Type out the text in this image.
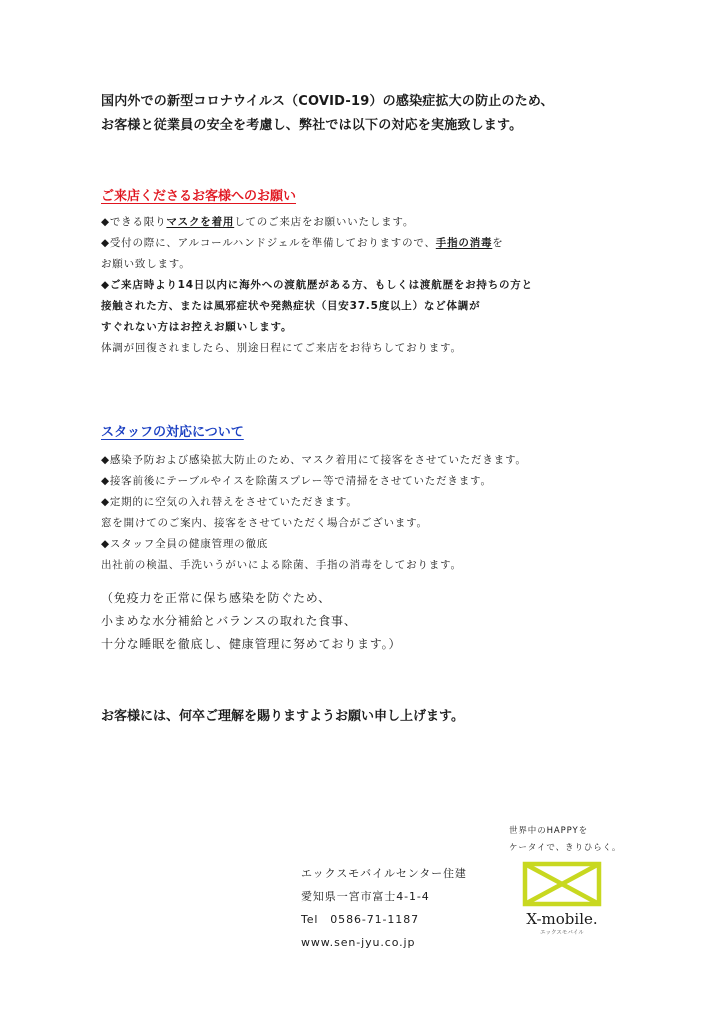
国内外での新型コロナウイルス（COVID-19）の感染症拡大の防止のため、
お客様と従業員の安全を考慮し、弊社では以下の対応を実施致します。
ご来店くださるお客様へのお願い
◆できる限りマスクを着用してのご来店をお願いいたします。
◆受付の際に、アルコールハンドジェルを準備しておりますので、手指の消毒を
お願い致します。
◆ご来店時より14日以内に海外への渡航歴がある方、もしくは渡航歴をお持ちの方と
接触された方、または風邪症状や発熱症状（目安37.5度以上）など体調が
すぐれない方はお控えお願いします。
体調が回復されましたら、別途日程にてご来店をお待ちしております。
スタッフの対応について
◆感染予防および感染拡大防止のため、マスク着用にて接客をさせていただきます。
◆接客前後にテーブルやイスを除菌スプレー等で清掃をさせていただきます。
◆定期的に空気の入れ替えをさせていただきます。
窓を開けてのご案内、接客をさせていただく場合がございます。
◆スタッフ全員の健康管理の徹底
出社前の検温、手洗いうがいによる除菌、手指の消毒をしております。
（免疫力を正常に保ち感染を防ぐため、
小まめな水分補給とバランスの取れた食事、
十分な睡眠を徹底し、健康管理に努めております。）
お客様には、何卒ご理解を賜りますようお願い申し上げます。
世界中のHAPPYを
ケータイで、きりひらく。
エックスモバイルセンター住建
愛知県一宮市富士4-1-4
Tel　0586-71-1187
www.sen-jyu.co.jp
X-mobile.
エックスモバイル
